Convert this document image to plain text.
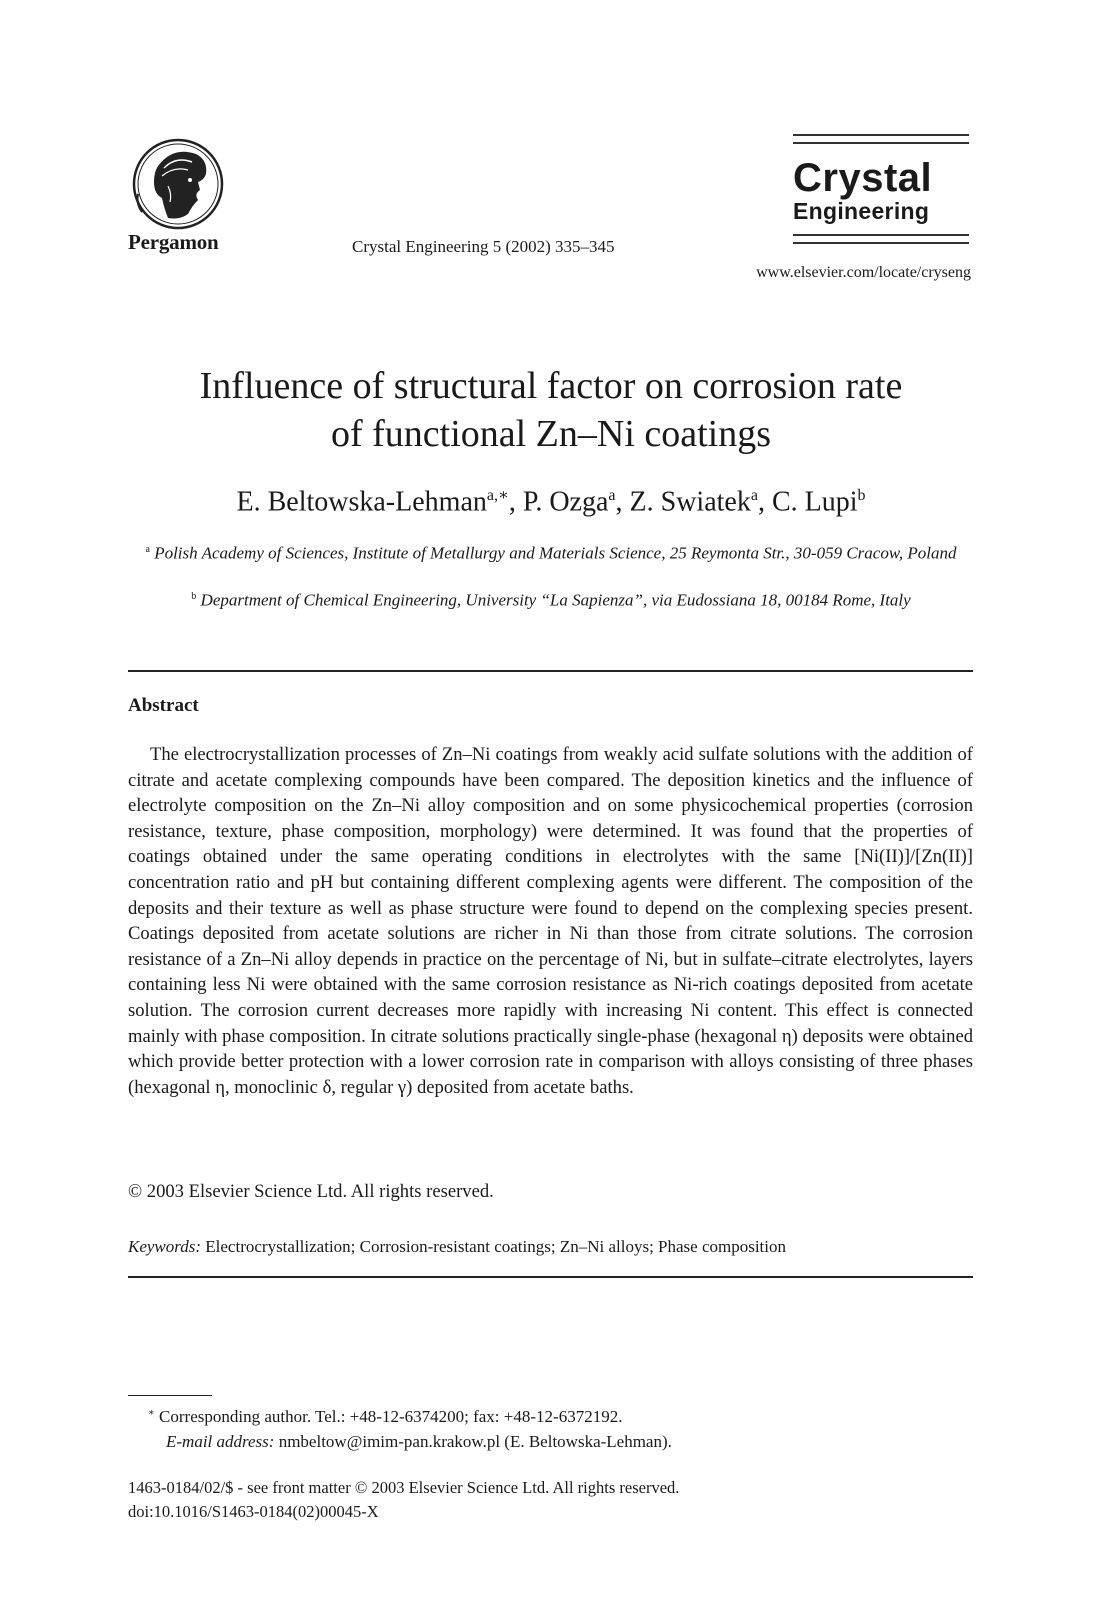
Pergamon	Crystal Engineering 5 (2002) 335–345
Crystal
Engineering
www.elsevier.com/locate/cryseng
Influence of structural factor on corrosion rate
of functional Zn–Ni coatings
E. Beltowska-Lehman$^{a,∗}$, P. Ozga$^a$, Z. Swiatek$^a$, C. Lupi$^b$
$^a$ Polish Academy of Sciences, Institute of Metallurgy and Materials Science, 25 Reymonta Str., 30-059 Cracow, Poland
$^b$ Department of Chemical Engineering, University “La Sapienza”, via Eudossiana 18, 00184 Rome, Italy
Abstract

The electrocrystallization processes of Zn–Ni coatings from weakly acid sulfate solutions with the addition of citrate and acetate complexing compounds have been compared. The deposition kinetics and the influence of electrolyte composition on the Zn–Ni alloy composition and on some physicochemical properties (corrosion resistance, texture, phase composition, morphology) were determined. It was found that the properties of coatings obtained under the same operating conditions in electrolytes with the same [Ni(II)]/[Zn(II)] concentration ratio and pH but containing different complexing agents were different. The composition of the deposits and their texture as well as phase structure were found to depend on the complexing species present. Coatings deposited from acetate solutions are richer in Ni than those from citrate solutions. The corrosion resistance of a Zn–Ni alloy depends in practice on the percentage of Ni, but in sulfate–citrate electrolytes, layers containing less Ni were obtained with the same corrosion resistance as Ni-rich coatings deposited from acetate solution. The corrosion current decreases more rapidly with increasing Ni content. This effect is connected mainly with phase composition. In citrate solutions practically single-phase (hexagonal η) deposits were obtained which provide better protection with a lower corrosion rate in comparison with alloys consisting of three phases (hexagonal η, monoclinic δ, regular γ) deposited from acetate baths.

© 2003 Elsevier Science Ltd. All rights reserved.
Keywords: Electrocrystallization; Corrosion-resistant coatings; Zn–Ni alloys; Phase composition
∗ Corresponding author. Tel.: +48-12-6374200; fax: +48-12-6372192.
E-mail address: nmbeltow@imim-pan.krakow.pl (E. Beltowska-Lehman).
1463-0184/02/$ - see front matter © 2003 Elsevier Science Ltd. All rights reserved.
doi:10.1016/S1463-0184(02)00045-X
